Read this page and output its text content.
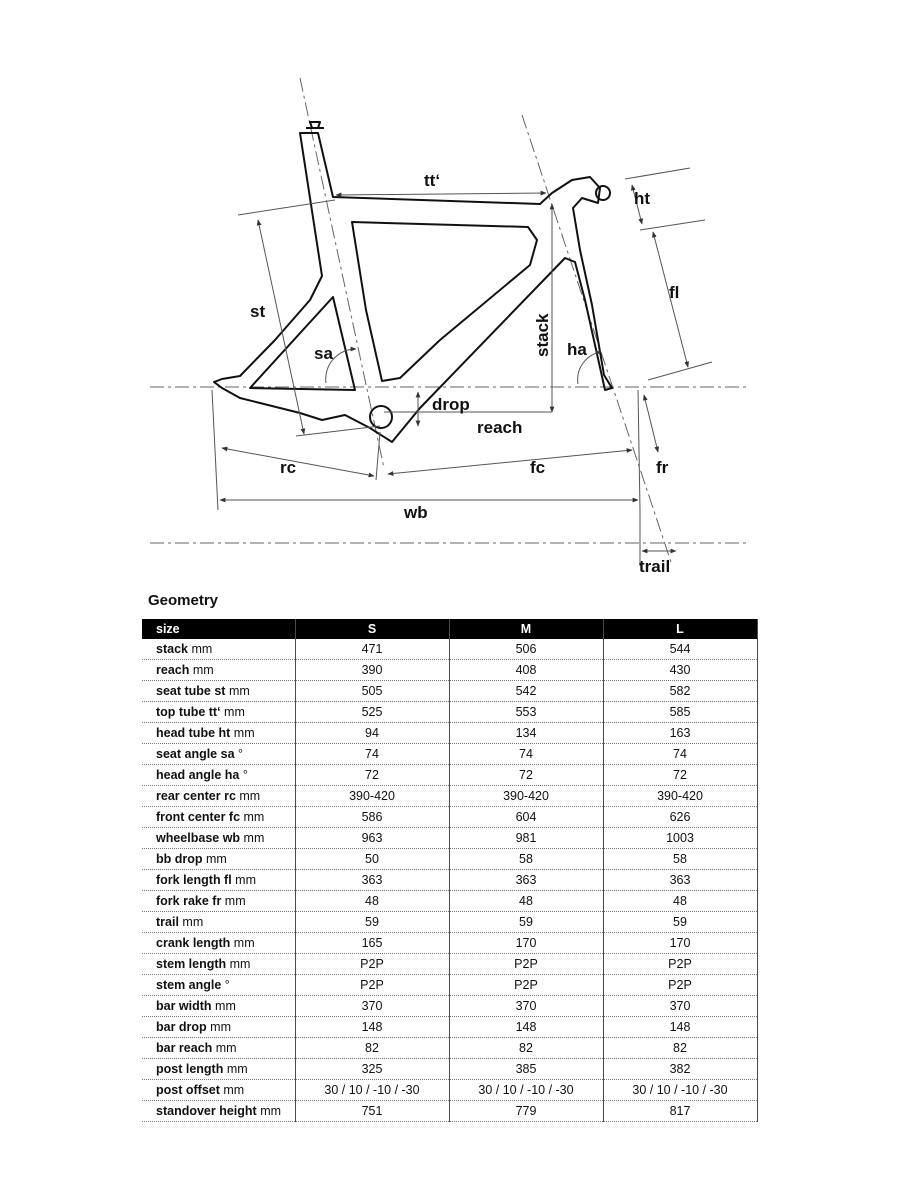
tt‘
ht
st
fl
sa	stack ha
drop
reach
rc	fc	fr
wb
trail
Geometry
size	S	M	L
stack mm	471	506	544
reach mm	390	408	430
seat tube st mm	505	542	582
top tube tt‘ mm	525	553	585
head tube ht mm	94	134	163
seat angle sa °	74	74	74
head angle ha °	72	72	72
rear center rc mm	390-420	390-420	390-420
front center fc mm	586	604	626
wheelbase wb mm	963	981	1003
bb drop mm	50	58	58
fork length fl mm	363	363	363
fork rake fr mm	48	48	48
trail mm	59	59	59
crank length mm	165	170	170
stem length mm	P2P	P2P	P2P
stem angle °	P2P	P2P	P2P
bar width mm	370	370	370
bar drop mm	148	148	148
bar reach mm	82	82	82
post length mm	325	385	382
post offset mm	30 / 10 / -10 / -30	30 / 10 / -10 / -30	30 / 10 / -10 / -30
standover height mm	751	779	817
